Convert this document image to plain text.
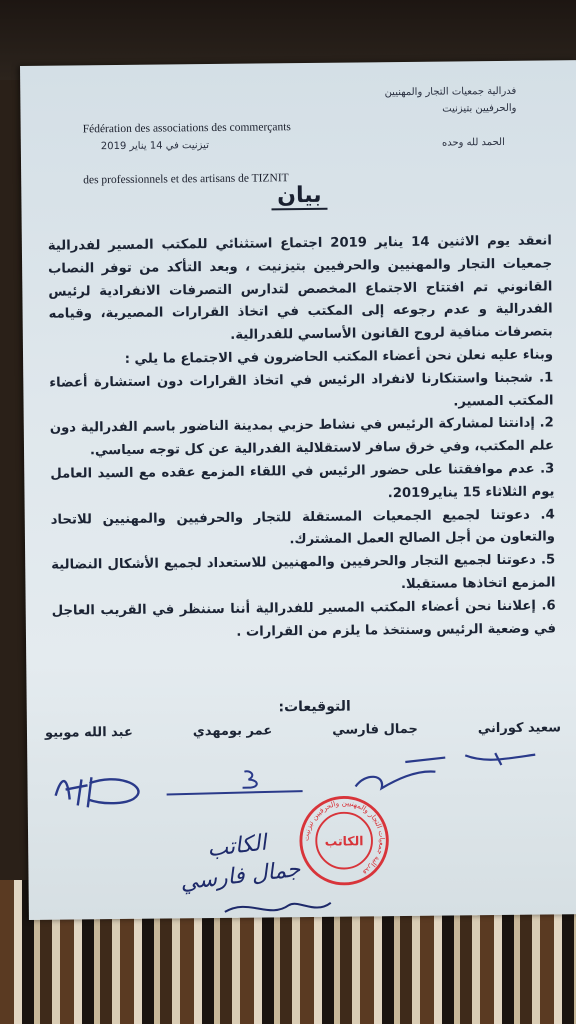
Fédération des associations des commerçants

des professionnels et des artisans de TIZNIT

فدرالية جمعيات التجار والمهنيين
والحرفيين بتيزنيت
تيزنيت في 14 يناير 2019	الحمد لله وحده
بيان

انعقد يوم الاثنين 14 يناير 2019 اجتماع استثنائي للمكتب المسير لفدرالية جمعيات التجار والمهنيين والحرفيين بتيزنيت ، وبعد التأكد من توفر النصاب القانوني تم افتتاح الاجتماع المخصص لتدارس التصرفات الانفرادية لرئيس الفدرالية و عدم رجوعه إلى المكتب في اتخاذ القرارات المصيرية، وقيامه بتصرفات منافية لروح القانون الأساسي للفدرالية.

وبناء عليه نعلن نحن أعضاء المكتب الحاضرون في الاجتماع ما يلي :

1. شجبنا واستنكارنا لانفراد الرئيس في اتخاذ القرارات دون استشارة أعضاء المكتب المسير.

2. إدانتنا لمشاركة الرئيس في نشاط حزبي بمدينة الناضور باسم الفدرالية دون علم المكتب، وفي خرق سافر لاستقلالية الفدرالية عن كل توجه سياسي.

3. عدم موافقتنا على حضور الرئيس في اللقاء المزمع عقده مع السيد العامل يوم الثلاثاء 15 يناير2019.

4. دعوتنا لجميع الجمعيات المستقلة للتجار والحرفيين والمهنيين للاتحاد والتعاون من أجل الصالح العمل المشترك.

5. دعوتنا لجميع التجار والحرفيين والمهنيين للاستعداد لجميع الأشكال النضالية المزمع اتخاذها مستقبلا.

6. إعلاننا نحن أعضاء المكتب المسير للفدرالية أننا سننظر في القريب العاجل في وضعية الرئيس وسنتخذ ما يلزم من القرارات .

التوقيعات:
سعيد كوراني
جمال فارسي
عمر بومهدي
عبد الله موبيو
فدرالية جمعيات التجار والمهنيين والحرفيين تيزنيت
الكاتب
الكاتب
جمال فارسي
